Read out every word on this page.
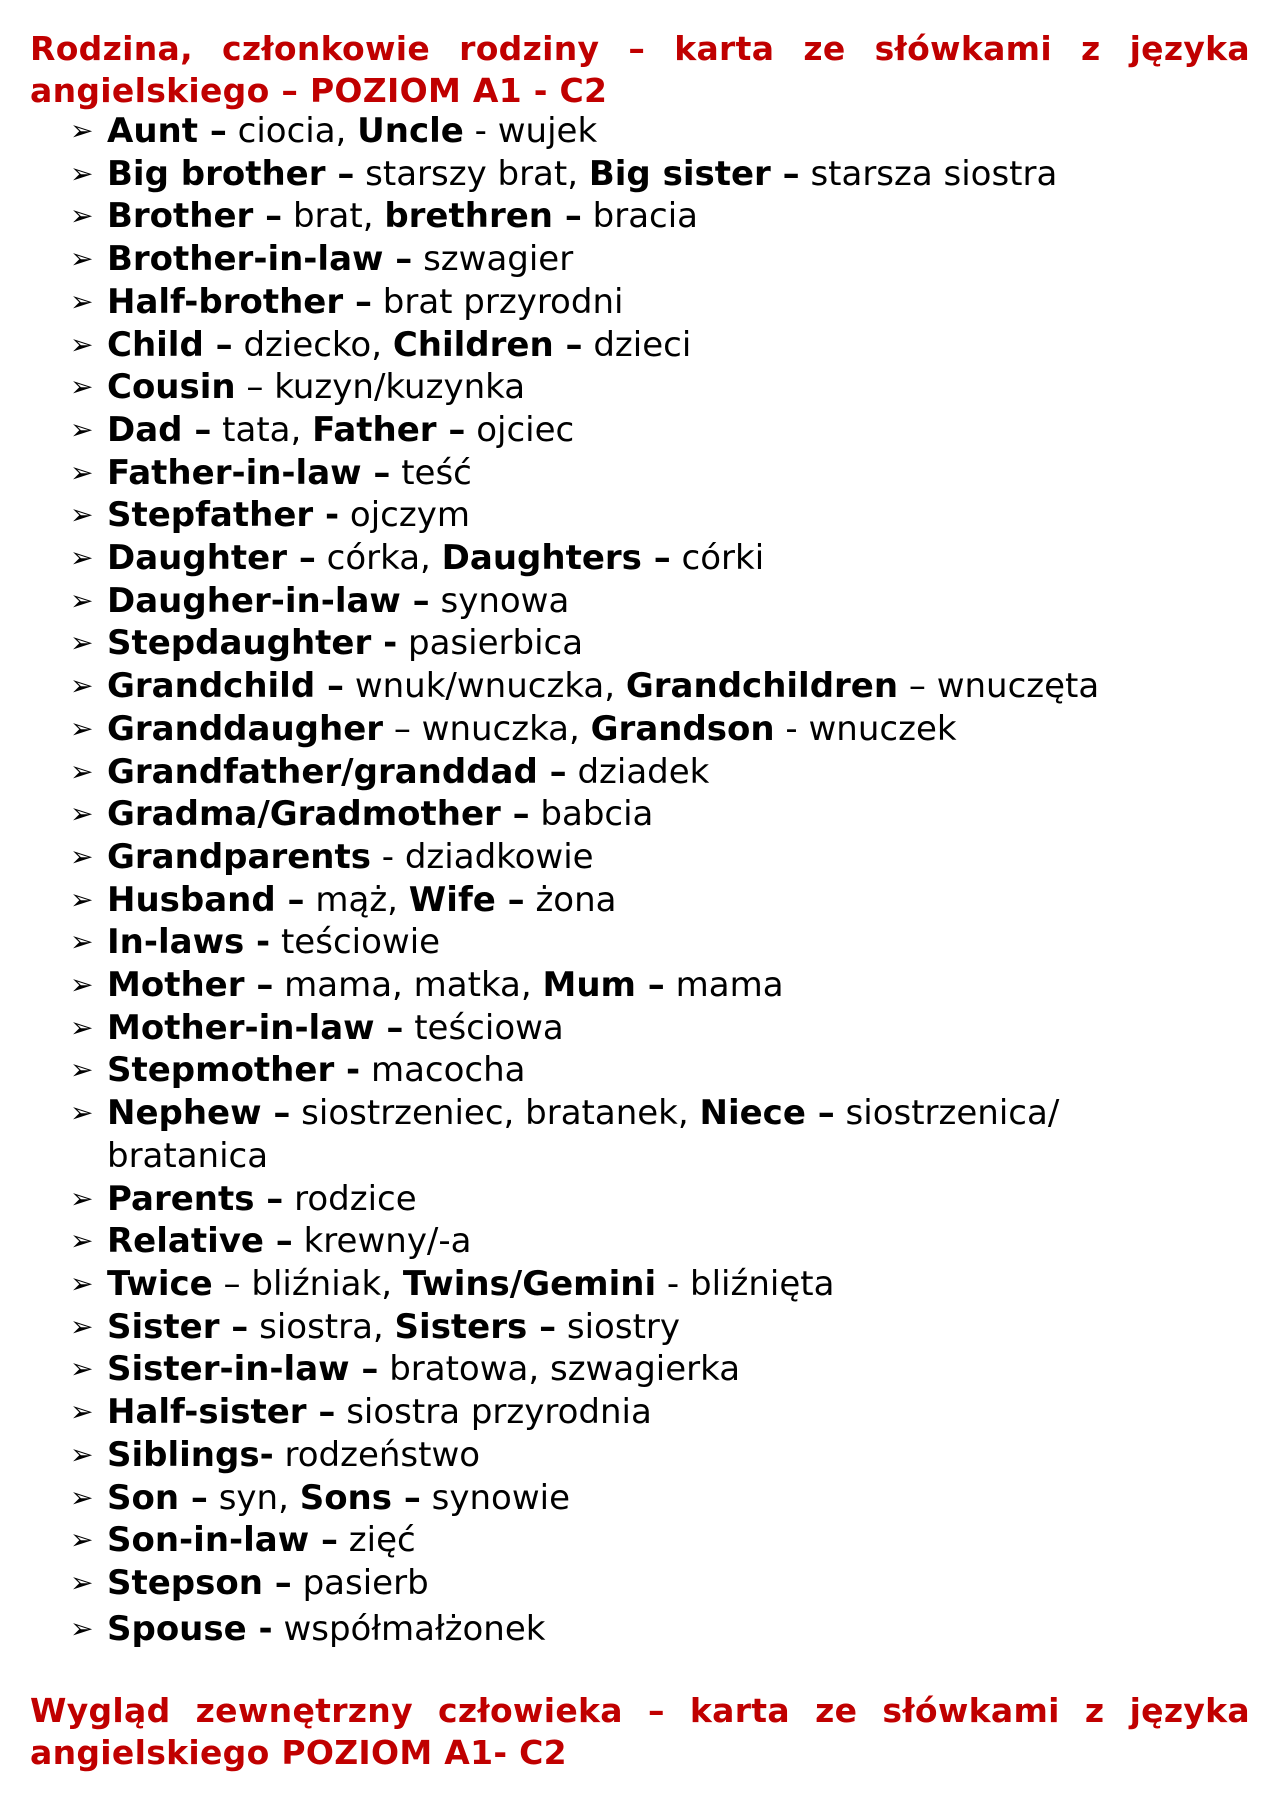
Rodzina, członkowie rodziny – karta ze słówkami z języka angielskiego – POZIOM A1 - C2
➢ Aunt – ciocia, Uncle - wujek
➢ Big brother – starszy brat, Big sister – starsza siostra
➢ Brother – brat, brethren – bracia
➢ Brother-in-law – szwagier
➢ Half-brother – brat przyrodni
➢ Child – dziecko, Children – dzieci
➢ Cousin – kuzyn/kuzynka
➢ Dad – tata, Father – ojciec
➢ Father-in-law – teść
➢ Stepfather - ojczym
➢ Daughter – córka, Daughters – córki
➢ Daugher-in-law – synowa
➢ Stepdaughter - pasierbica
➢ Grandchild – wnuk/wnuczka, Grandchildren – wnuczęta
➢ Granddaugher – wnuczka, Grandson - wnuczek
➢ Grandfather/granddad – dziadek
➢ Gradma/Gradmother – babcia
➢ Grandparents - dziadkowie
➢ Husband – mąż, Wife – żona
➢ In-laws - teściowie
➢ Mother – mama, matka, Mum – mama
➢ Mother-in-law – teściowa
➢ Stepmother - macocha
➢ Nephew – siostrzeniec, bratanek, Niece – siostrzenica/ bratanica
➢ Parents – rodzice
➢ Relative – krewny/-a
➢ Twice – bliźniak, Twins/Gemini - bliźnięta
➢ Sister – siostra, Sisters – siostry
➢ Sister-in-law – bratowa, szwagierka
➢ Half-sister – siostra przyrodnia
➢ Siblings- rodzeństwo
➢ Son – syn, Sons – synowie
➢ Son-in-law – zięć
➢ Stepson – pasierb
➢ Spouse - współmałżonek
Wygląd zewnętrzny człowieka – karta ze słówkami z języka angielskiego POZIOM A1- C2
